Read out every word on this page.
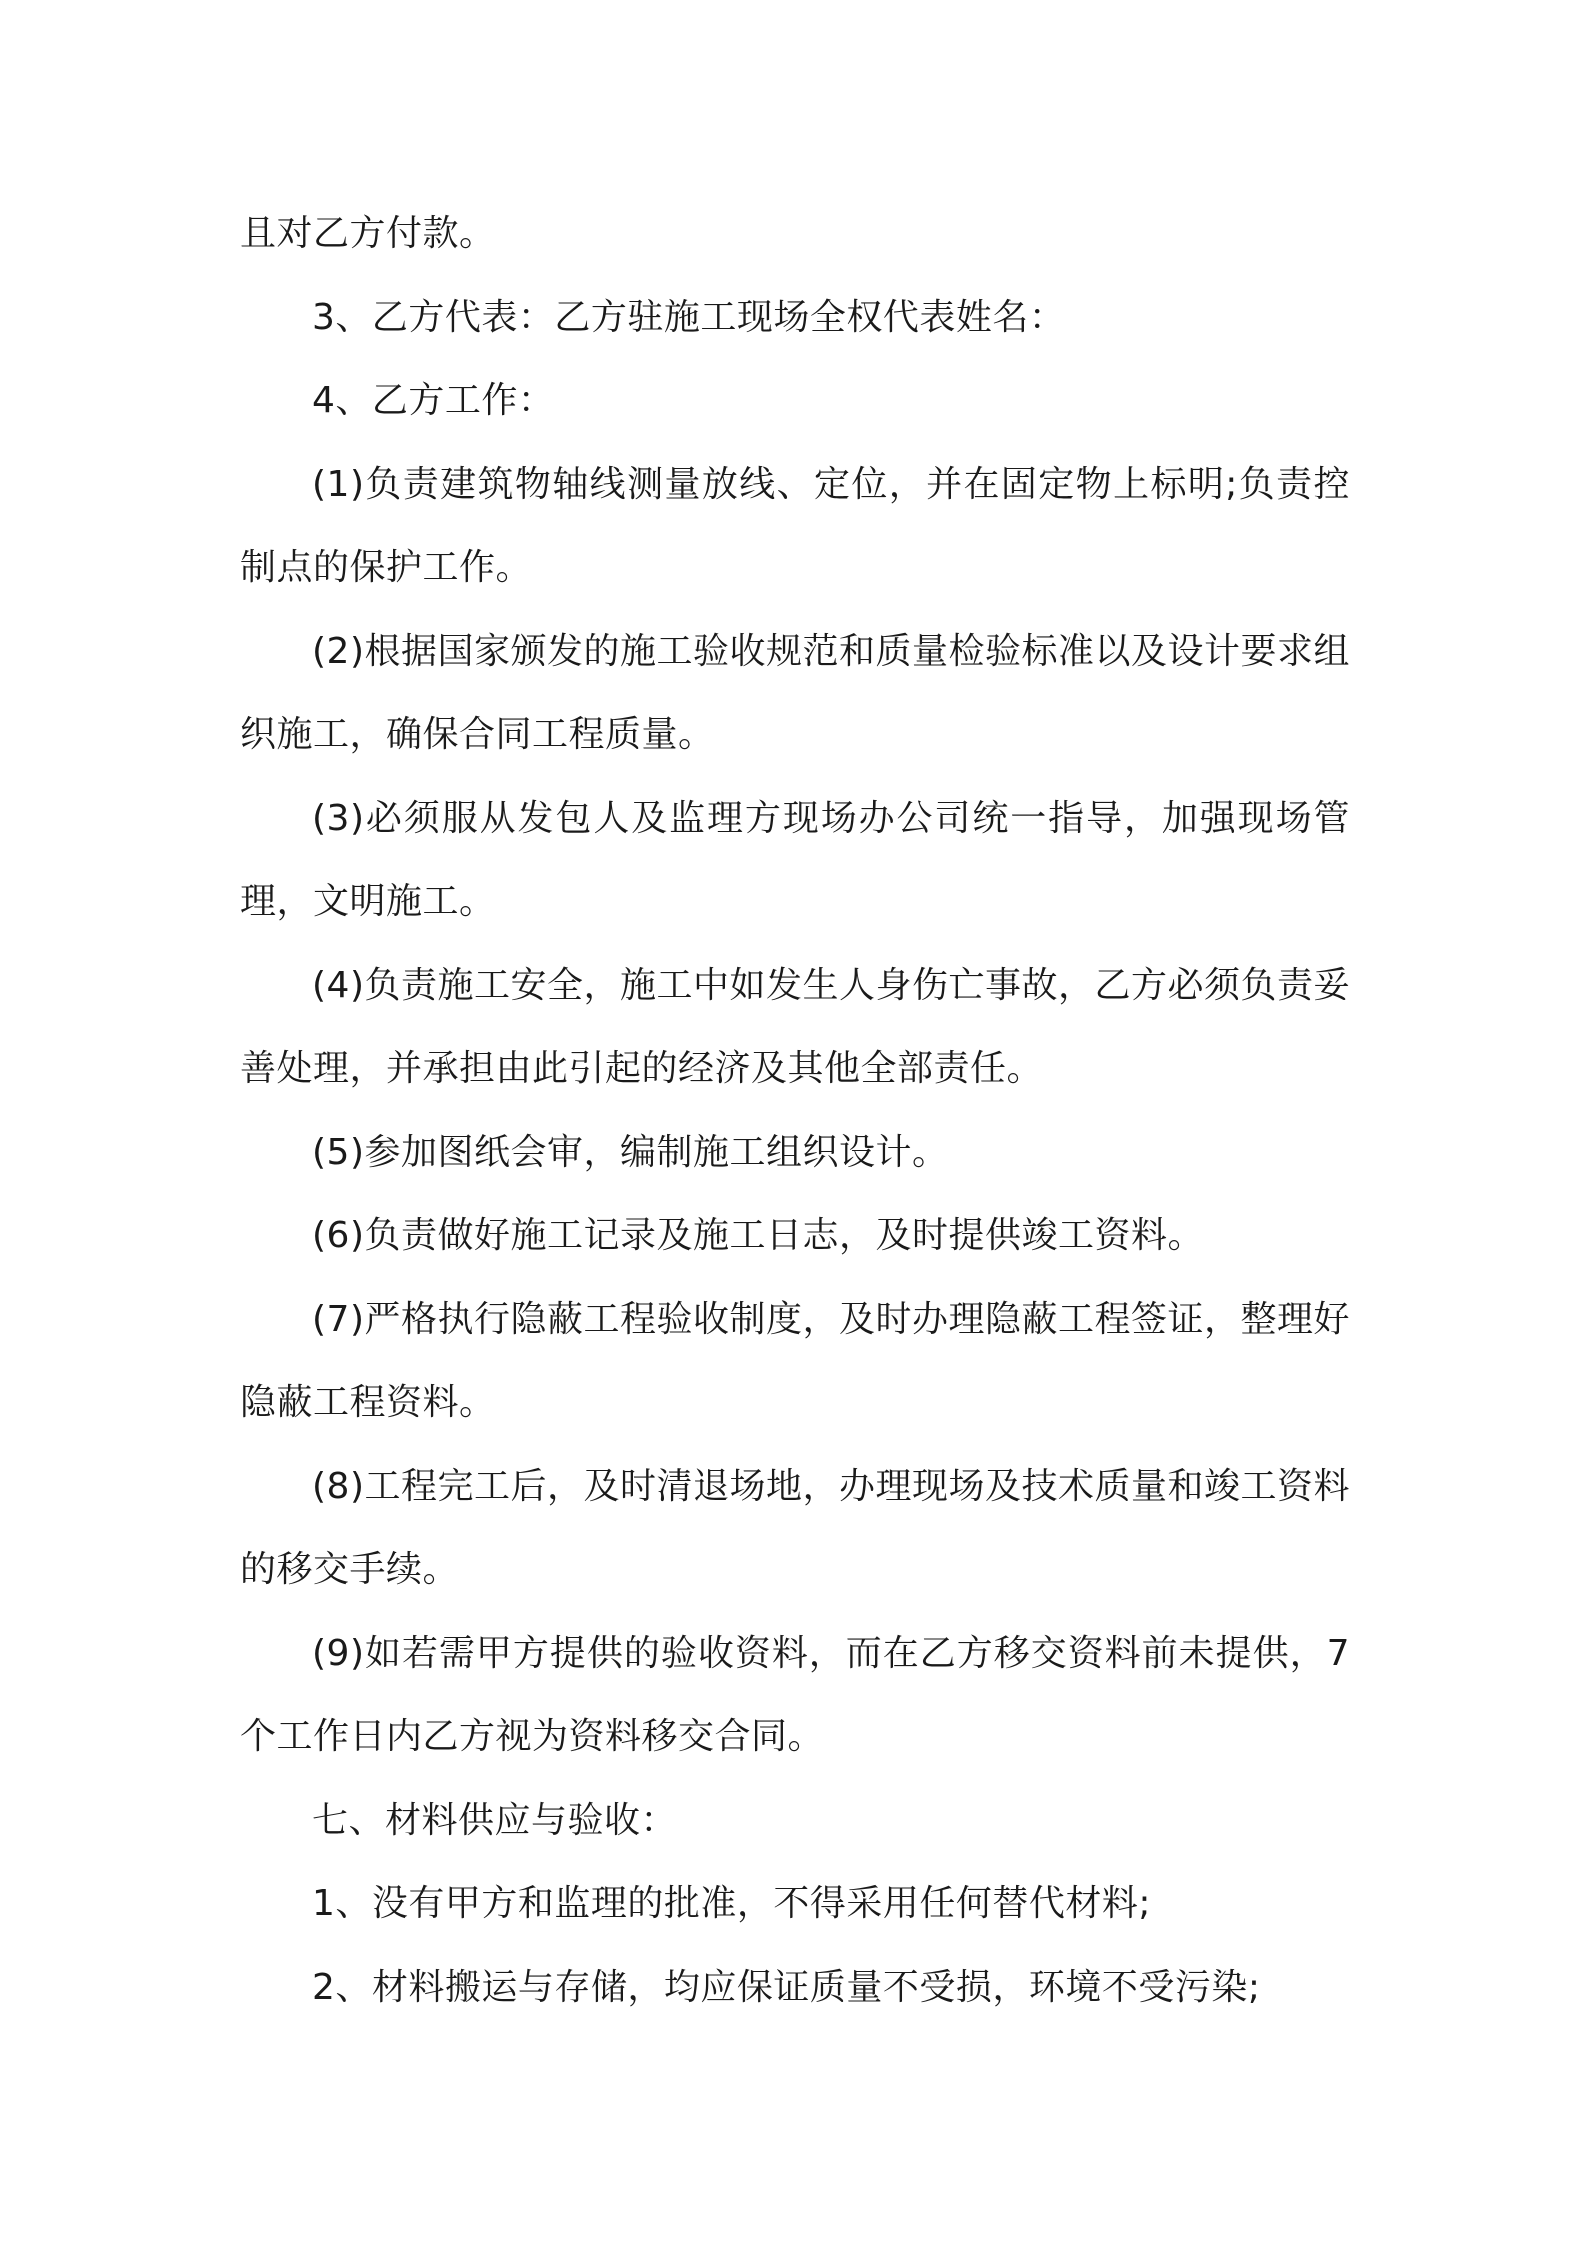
且对乙方付款。

3、乙方代表：乙方驻施工现场全权代表姓名：

4、乙方工作：

(1)负责建筑物轴线测量放线、定位，并在固定物上标明;负责控制点的保护工作。

(2)根据国家颁发的施工验收规范和质量检验标准以及设计要求组织施工，确保合同工程质量。

(3)必须服从发包人及监理方现场办公司统一指导，加强现场管理，文明施工。

(4)负责施工安全，施工中如发生人身伤亡事故，乙方必须负责妥善处理，并承担由此引起的经济及其他全部责任。

(5)参加图纸会审，编制施工组织设计。

(6)负责做好施工记录及施工日志，及时提供竣工资料。

(7)严格执行隐蔽工程验收制度，及时办理隐蔽工程签证，整理好隐蔽工程资料。

(8)工程完工后，及时清退场地，办理现场及技术质量和竣工资料的移交手续。

(9)如若需甲方提供的验收资料，而在乙方移交资料前未提供，7个工作日内乙方视为资料移交合同。

七、材料供应与验收：

1、没有甲方和监理的批准，不得采用任何替代材料;

2、材料搬运与存储，均应保证质量不受损，环境不受污染;
